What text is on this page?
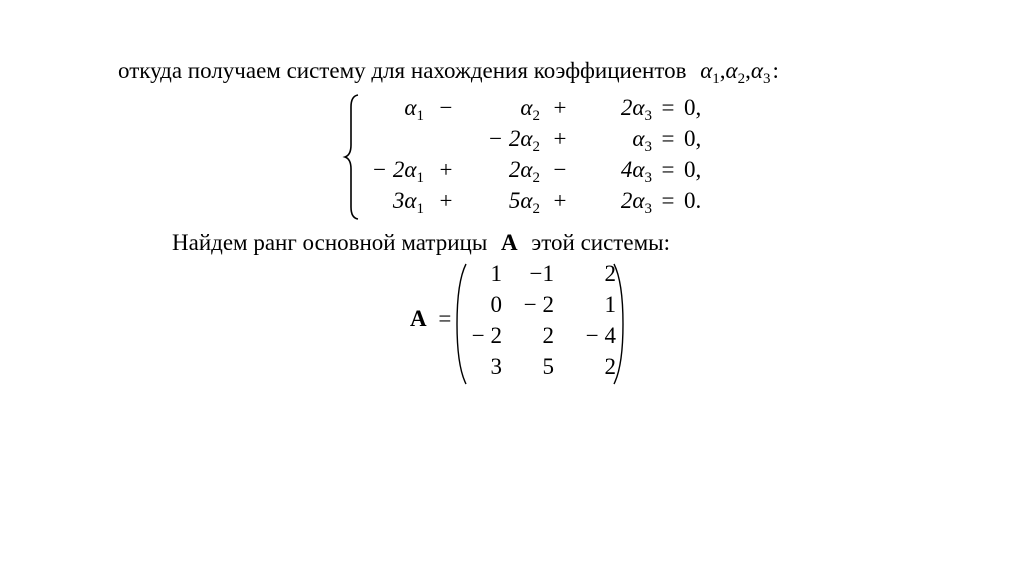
откуда получаем систему для нахождения коэффициентов $\alpha_1,\alpha_2,\alpha_3$:
$\alpha_1$	−	$\alpha_2$	+	$2\alpha_3$	=	0,
		− $2\alpha_2$	+	$\alpha_3$	=	0,
− $2\alpha_1$	+	$2\alpha_2$	−	$4\alpha_3$	=	0,
$3\alpha_1$	+	$5\alpha_2$	+	$2\alpha_3$	=	0.
Найдем ранг основной матрицы A этой системы:
A =
1	−1	2
0	− 2	1
− 2	2	− 4
3	5	2
